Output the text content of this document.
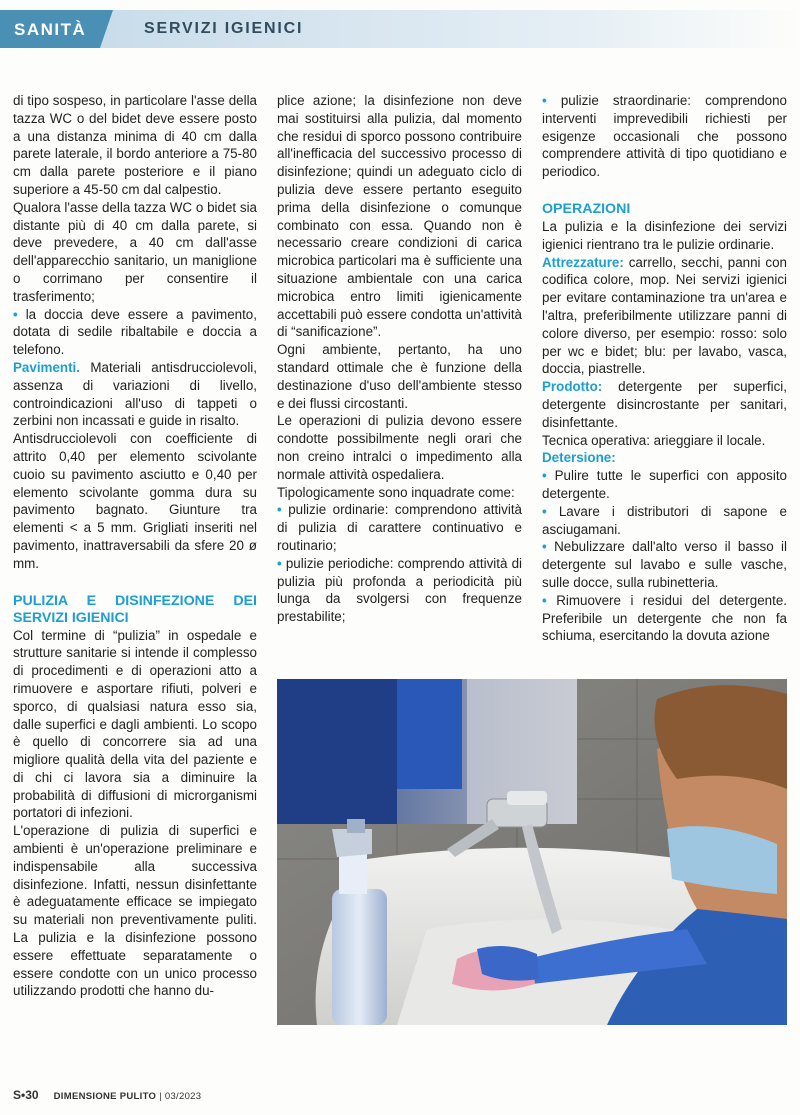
SANITÀ	SERVIZI IGIENICI

di tipo sospeso, in particolare l'asse della tazza WC o del bidet deve essere posto a una distanza minima di 40 cm dalla parete laterale, il bordo anteriore a 75-80 cm dalla parete posteriore e il piano superiore a 45-50 cm dal calpestio.

Qualora l'asse della tazza WC o bidet sia distante più di 40 cm dalla parete, si deve prevedere, a 40 cm dall'asse dell'apparecchio sanitario, un maniglione o corrimano per consentire il trasferimento;

• la doccia deve essere a pavimento, dotata di sedile ribaltabile e doccia a telefono.

Pavimenti. Materiali antisdrucciolevoli, assenza di variazioni di livello, controindicazioni all'uso di tappeti o zerbini non incassati e guide in risalto.

Antisdrucciolevoli con coefficiente di attrito 0,40 per elemento scivolante cuoio su pavimento asciutto e 0,40 per elemento scivolante gomma dura su pavimento bagnato. Giunture tra elementi < a 5 mm. Grigliati inseriti nel pavimento, inattraversabili da sfere 20 ø mm.

PULIZIA E DISINFEZIONE DEI SERVIZI IGIENICI

Col termine di “pulizia” in ospedale e strutture sanitarie si intende il complesso di procedimenti e di operazioni atto a rimuovere e asportare rifiuti, polveri e sporco, di qualsiasi natura esso sia, dalle superfici e dagli ambienti. Lo scopo è quello di concorrere sia ad una migliore qualità della vita del paziente e di chi ci lavora sia a diminuire la probabilità di diffusioni di microrganismi portatori di infezioni.

L'operazione di pulizia di superfici e ambienti è un'operazione preliminare e indispensabile alla successiva disinfezione. Infatti, nessun disinfettante è adeguatamente efficace se impiegato su materiali non preventivamente puliti. La pulizia e la disinfezione possono essere effettuate separatamente o essere condotte con un unico processo utilizzando prodotti che hanno du-

plice azione; la disinfezione non deve mai sostituirsi alla pulizia, dal momento che residui di sporco possono contribuire all'inefficacia del successivo processo di disinfezione; quindi un adeguato ciclo di pulizia deve essere pertanto eseguito prima della disinfezione o comunque combinato con essa. Quando non è necessario creare condizioni di carica microbica particolari ma è sufficiente una situazione ambientale con una carica microbica entro limiti igienicamente accettabili può essere condotta un'attività di “sanificazione”.

Ogni ambiente, pertanto, ha uno standard ottimale che è funzione della destinazione d'uso dell'ambiente stesso e dei flussi circostanti.

Le operazioni di pulizia devono essere condotte possibilmente negli orari che non creino intralci o impedimento alla normale attività ospedaliera.

Tipologicamente sono inquadrate come:

• pulizie ordinarie: comprendono attività di pulizia di carattere continuativo e routinario;

• pulizie periodiche: comprendo attività di pulizia più profonda a periodicità più lunga da svolgersi con frequenze prestabilite;

• pulizie straordinarie: comprendono interventi imprevedibili richiesti per esigenze occasionali che possono comprendere attività di tipo quotidiano e periodico.

OPERAZIONI

La pulizia e la disinfezione dei servizi igienici rientrano tra le pulizie ordinarie.

Attrezzature: carrello, secchi, panni con codifica colore, mop. Nei servizi igienici per evitare contaminazione tra un'area e l'altra, preferibilmente utilizzare panni di colore diverso, per esempio: rosso: solo per wc e bidet; blu: per lavabo, vasca, doccia, piastrelle.

Prodotto: detergente per superfici, detergente disincrostante per sanitari, disinfettante.

Tecnica operativa: arieggiare il locale.

Detersione:

• Pulire tutte le superfici con apposito detergente.

• Lavare i distributori di sapone e asciugamani.

• Nebulizzare dall'alto verso il basso il detergente sul lavabo e sulle vasche, sulle docce, sulla rubinetteria.

• Rimuovere i residui del detergente. Preferibile un detergente che non fa schiuma, esercitando la dovuta azione

S•30 DIMENSIONE PULITO | 03/2023
